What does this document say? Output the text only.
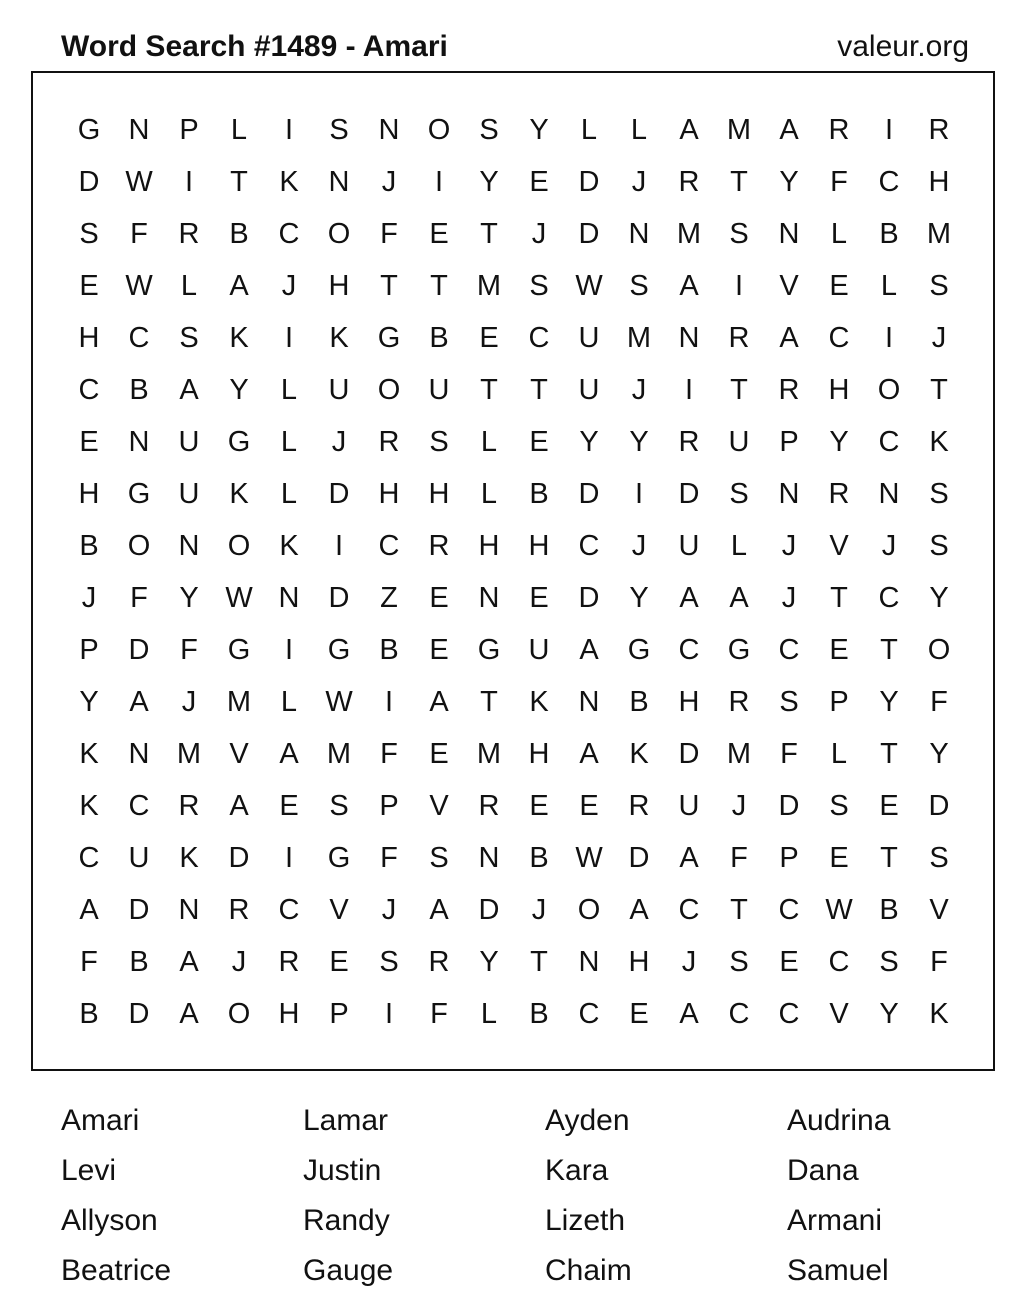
Word Search #1489 - Amari	valeur.org
G N	P	L	I	S	N O	S	Y	L	L	A M A	R	I	R
D W	I	T	K	N	J	I	Y	E	D	J	R	T	Y	F	C	H
S	F	R	B	C O	F	E	T	J	D	N M S	N	L	B M
E W L	A	J	H	T	T	M S W S	A	I	V	E	L	S
H	C	S	K	I	K	G	B	E	C	U M N	R	A	C	I	J
C	B	A	Y	L	U O U	T	T	U	J	I	T	R	H O	T
E	N	U G	L	J	R	S	L	E	Y	Y	R	U	P	Y	C	K
H G U	K	L	D	H	H	L	B	D	I	D	S	N	R	N	S
B	O N O	K	I	C	R	H	H	C	J	U	L	J	V	J	S
J	F	Y W N	D	Z	E	N	E	D	Y	A	A	J	T	C	Y
P	D	F	G	I	G	B	E	G U	A	G C G C	E	T	O
Y	A	J	M	L W	I	A	T	K	N	B	H	R	S	P	Y	F
K	N M V	A M	F	E M H	A	K	D M	F	L	T	Y
K	C	R	A	E	S	P	V	R	E	E	R	U	J	D	S	E	D
C	U	K	D	I	G	F	S	N	B W D	A	F	P	E	T	S
A	D	N	R	C	V	J	A	D	J	O	A	C	T	C W B	V
F	B	A	J	R	E	S	R	Y	T	N	H	J	S	E	C	S	F
B	D	A	O H	P	I	F	L	B	C	E	A	C	C	V	Y	K
Amari	Lamar	Ayden	Audrina
Levi	Justin	Kara	Dana
Allyson	Randy	Lizeth	Armani
Beatrice	Gauge	Chaim	Samuel
